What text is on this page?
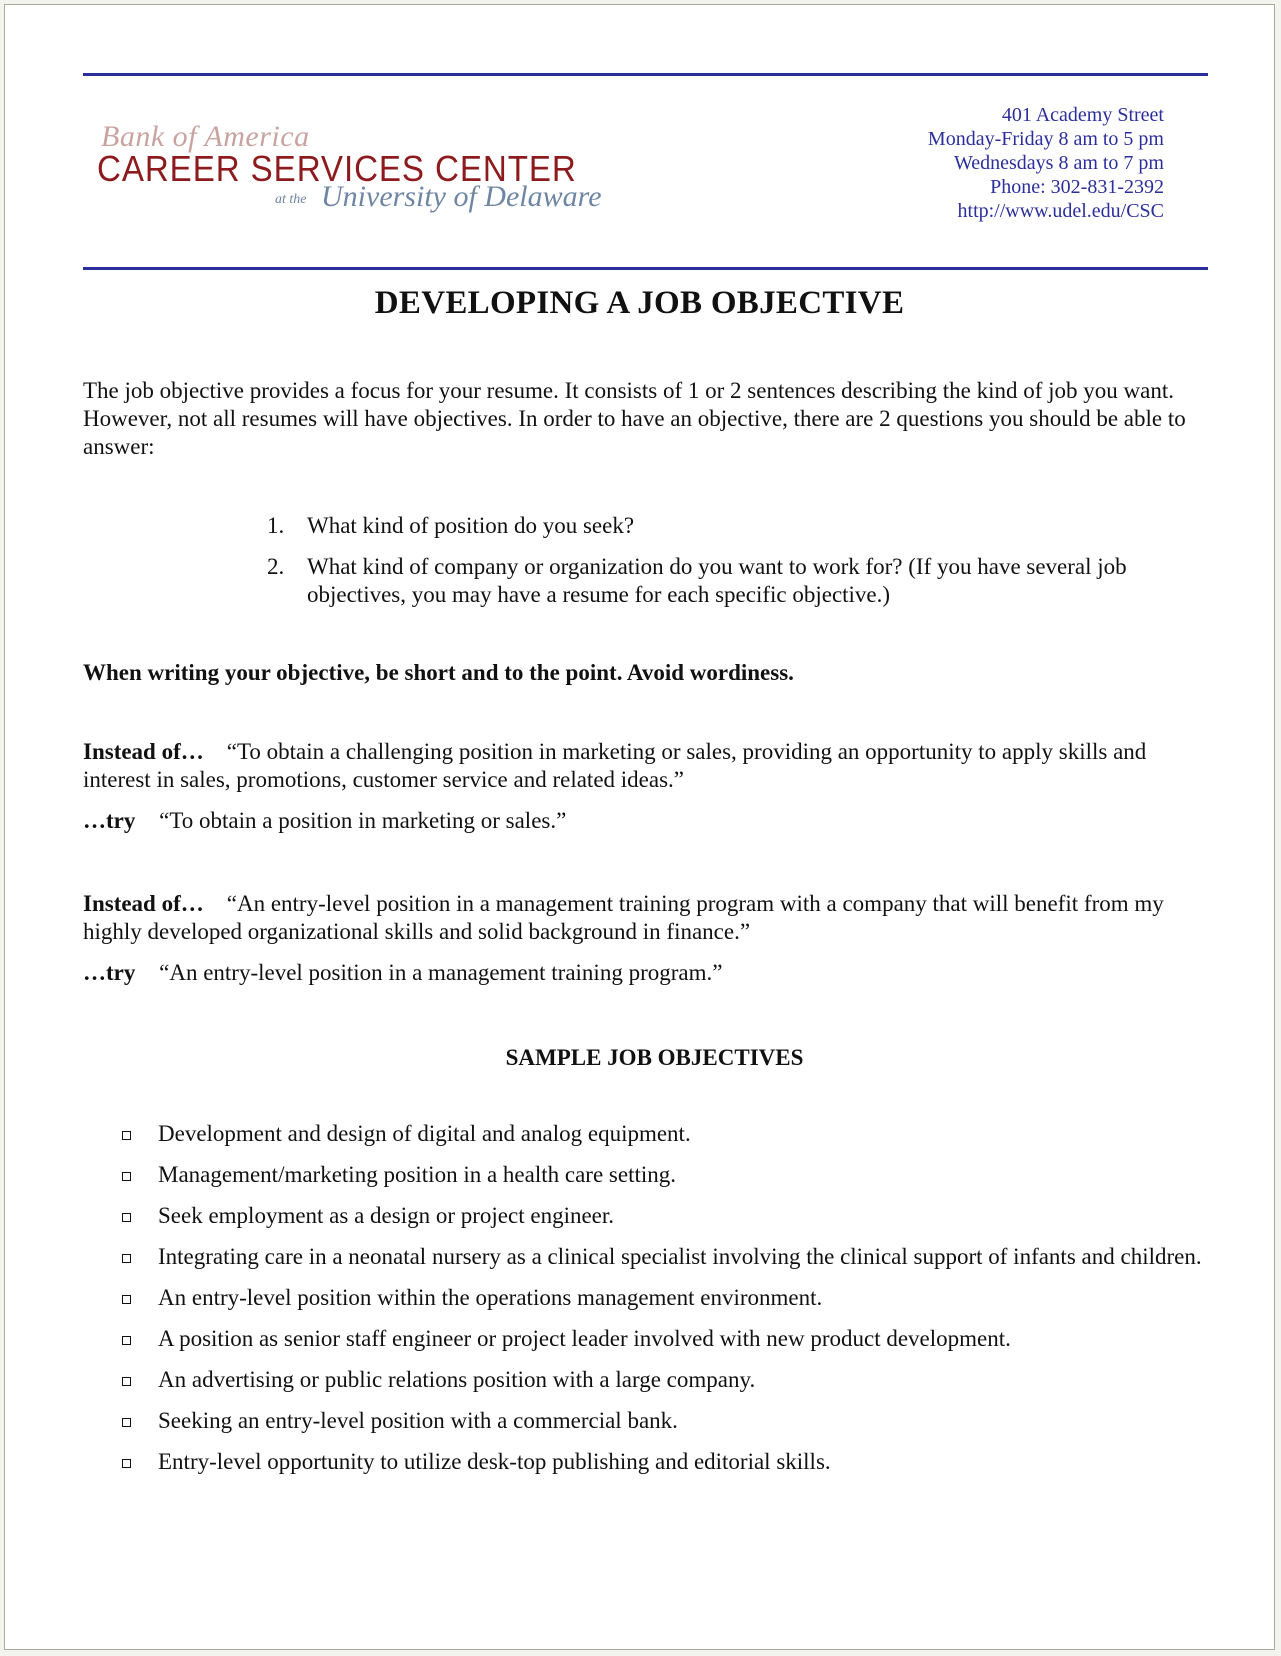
Bank of America
CAREER SERVICES CENTER
at the University of Delaware
401 Academy Street
Monday-Friday 8 am to 5 pm
Wednesdays 8 am to 7 pm
Phone: 302-831-2392
http://www.udel.edu/CSC
DEVELOPING A JOB OBJECTIVE
The job objective provides a focus for your resume. It consists of 1 or 2 sentences describing the kind of job you want. However, not all resumes will have objectives. In order to have an objective, there are 2 questions you should be able to answer:
1. What kind of position do you seek?
2. What kind of company or organization do you want to work for? (If you have several job objectives, you may have a resume for each specific objective.)
When writing your objective, be short and to the point. Avoid wordiness.
Instead of… “To obtain a challenging position in marketing or sales, providing an opportunity to apply skills and interest in sales, promotions, customer service and related ideas.”
…try “To obtain a position in marketing or sales.”
Instead of… “An entry-level position in a management training program with a company that will benefit from my highly developed organizational skills and solid background in finance.”
…try “An entry-level position in a management training program.”
SAMPLE JOB OBJECTIVES
Development and design of digital and analog equipment.
Management/marketing position in a health care setting.
Seek employment as a design or project engineer.
Integrating care in a neonatal nursery as a clinical specialist involving the clinical support of infants and children.
An entry-level position within the operations management environment.
A position as senior staff engineer or project leader involved with new product development.
An advertising or public relations position with a large company.
Seeking an entry-level position with a commercial bank.
Entry-level opportunity to utilize desk-top publishing and editorial skills.
